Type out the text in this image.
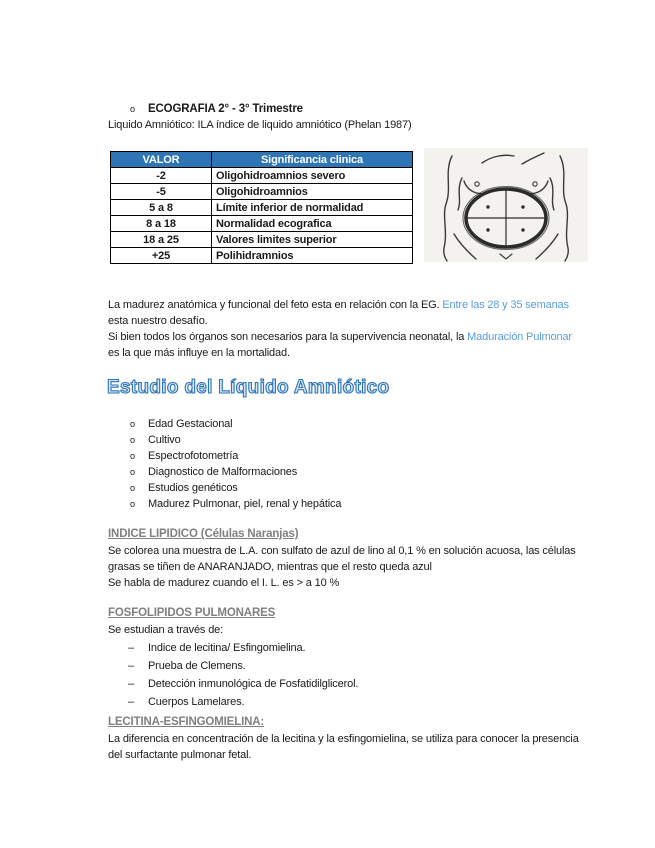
o	ECOGRAFIA 2° - 3° Trimestre
Liquido Amniótico: ILA índice de liquido amniótico (Phelan 1987)
VALOR	Significancia clinica
-2	Oligohidroamnios severo
-5	Oligohidroamnios
5 a 8	Límite inferior de normalidad
8 a 18	Normalidad ecografica
18 a 25	Valores limites superior
+25	Polihidramnios
La madurez anatómica y funcional del feto esta en relación con la EG. Entre las 28 y 35 semanas esta nuestro desafío.
Si bien todos los órganos son necesarios para la supervivencia neonatal, la Maduración Pulmonar es la que más influye en la mortalidad.
Estudio del Líquido Amniótico
o	Edad Gestacional
o	Cultivo
o	Espectrofotometría
o	Diagnostico de Malformaciones
o	Estudios genéticos
o	Madurez Pulmonar, piel, renal y hepática
INDICE LIPIDICO (Células Naranjas)
Se colorea una muestra de L.A. con sulfato de azul de lino al 0,1 % en solución acuosa, las células grasas se tiñen de ANARANJADO, mientras que el resto queda azul
Se habla de madurez cuando el I. L. es > a 10 %
FOSFOLIPIDOS PULMONARES
Se estudian a través de:
–	Indice de lecitina/ Esfingomielina.
–	Prueba de Clemens.
–	Detección inmunológica de Fosfatidilglicerol.
–	Cuerpos Lamelares.
LECITINA-ESFINGOMIELINA:
La diferencia en concentración de la lecitina y la esfingomielina, se utiliza para conocer la presencia del surfactante pulmonar fetal.
